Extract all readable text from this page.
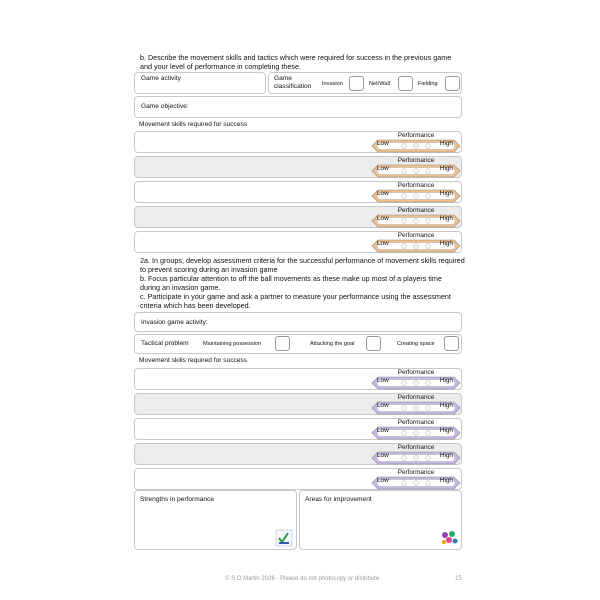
b. Describe the movement skills and tactics which were required for success in the previous game and your level of performance in completing these.
Game activity	Game classification	Invasion	Net/Wall	Fielding
Game objective:
Movement skills required for success
Performance
Low	High
Performance
Low	High
Performance
Low	High
Performance
Low	High
Performance
Low	High
2a. In groups, develop assessment criteria for the successful performance of movement skills required
to prevent scoring during an invasion game
b. Focus particular attention to off the ball movements as these make up most of a players time
during an invasion game.
c. Participate in your game and ask a partner to measure your performance using the assessment
criteria which has been developed.
Invasion game activity:
Tactical problem	Maintaining possession	Attacking the goal	Creating space
Movement skills required for success
Performance
Low	High
Performance
Low	High
Performance
Low	High
Performance
Low	High
Performance
Low	High
Strengths in performance	Areas for improvement
© S O Martin 2026 - Please do not photocopy or distribute	15
